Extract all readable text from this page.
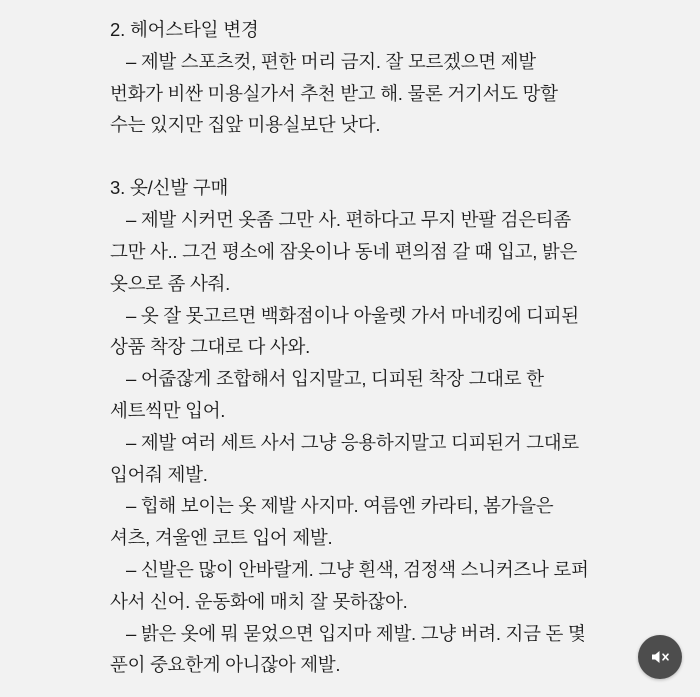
2. 헤어스타일 변경

– 제발 스포츠컷, 편한 머리 금지. 잘 모르겠으면 제발 번화가 비싼 미용실가서 추천 받고 해. 물론 거기서도 망할 수는 있지만 집앞 미용실보단 낫다.

3. 옷/신발 구매

– 제발 시커먼 옷좀 그만 사. 편하다고 무지 반팔 검은티좀 그만 사.. 그건 평소에 잠옷이나 동네 편의점 갈 때 입고, 밝은 옷으로 좀 사줘.

– 옷 잘 못고르면 백화점이나 아울렛 가서 마네킹에 디피된 상품 착장 그대로 다 사와.

– 어줍잖게 조합해서 입지말고, 디피된 착장 그대로 한 세트씩만 입어.

– 제발 여러 세트 사서 그냥 응용하지말고 디피된거 그대로 입어줘 제발.

– 힙해 보이는 옷 제발 사지마. 여름엔 카라티, 봄가을은 셔츠, 겨울엔 코트 입어 제발.

– 신발은 많이 안바랄게. 그냥 흰색, 검정색 스니커즈나 로퍼 사서 신어. 운동화에 매치 잘 못하잖아.

– 밝은 옷에 뭐 묻었으면 입지마 제발. 그냥 버려. 지금 돈 몇 푼이 중요한게 아니잖아 제발.
